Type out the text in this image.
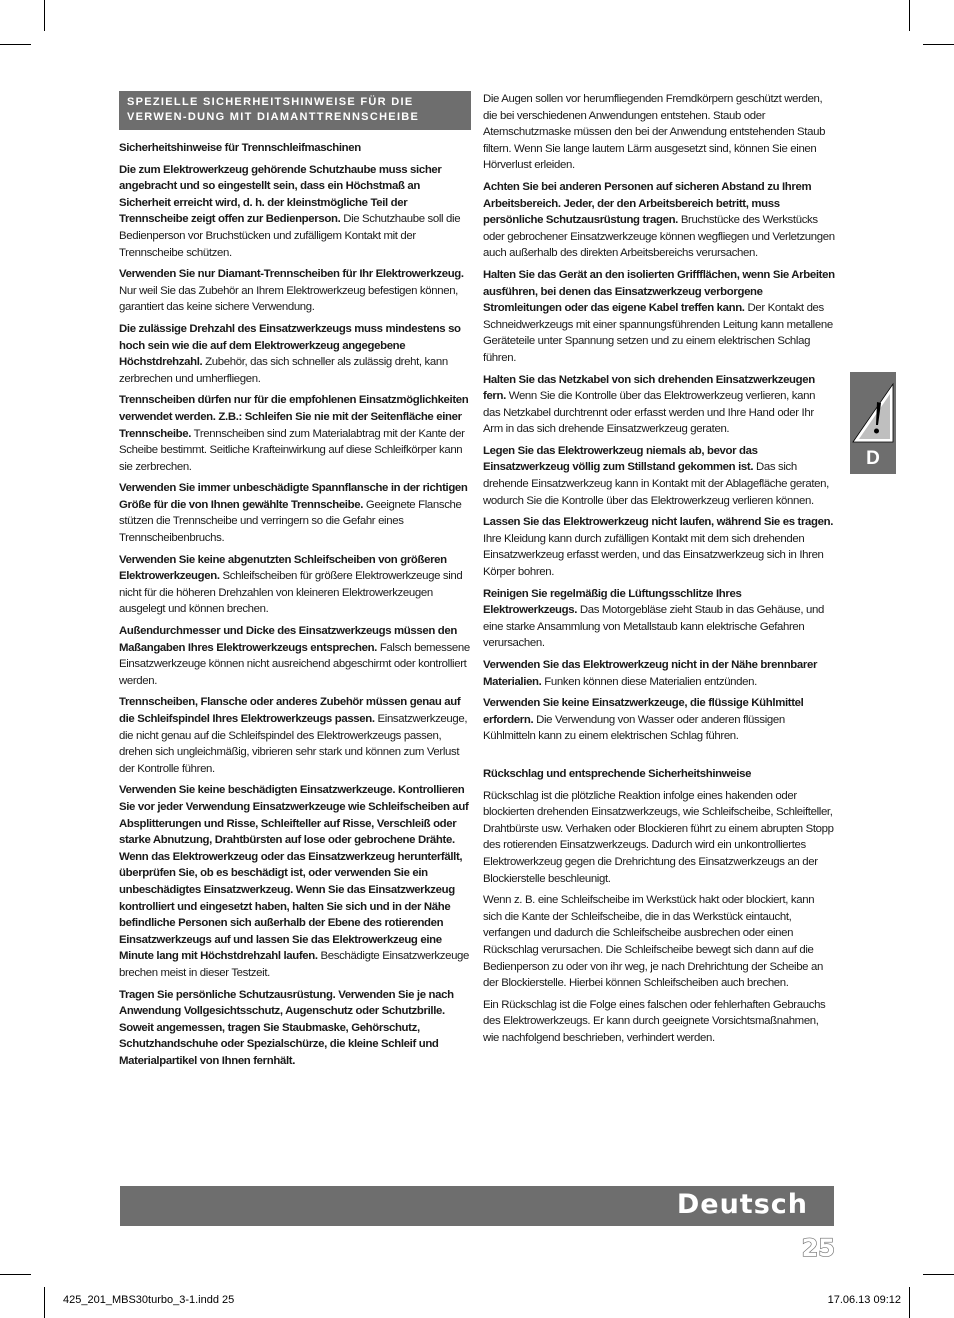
SPEZIELLE SICHERHEITSHINWEISE FÜR DIE VERWEN-DUNG MIT DIAMANTTRENNSCHEIBE

Sicherheitshinweise für Trennschleifmaschinen

Die zum Elektrowerkzeug gehörende Schutzhaube muss sicher angebracht und so eingestellt sein, dass ein Höchstmaß an Sicherheit erreicht wird, d. h. der kleinstmögliche Teil der Trennscheibe zeigt offen zur Bedienperson. Die Schutzhaube soll die Bedienperson vor Bruchstücken und zufälligem Kontakt mit der Trennscheibe schützen.

Verwenden Sie nur Diamant-Trennscheiben für Ihr Elektrowerkzeug. Nur weil Sie das Zubehör an Ihrem Elektrowerkzeug befestigen können, garantiert das keine sichere Verwendung.

Die zulässige Drehzahl des Einsatzwerkzeugs muss mindestens so hoch sein wie die auf dem Elektrowerkzeug angegebene Höchstdrehzahl. Zubehör, das sich schneller als zulässig dreht, kann zerbrechen und umherfliegen.

Trennscheiben dürfen nur für die empfohlenen Einsatzmöglichkeiten verwendet werden. Z.B.: Schleifen Sie nie mit der Seitenfläche einer Trennscheibe. Trennscheiben sind zum Materialabtrag mit der Kante der Scheibe bestimmt. Seitliche Krafteinwirkung auf diese Schleifkörper kann sie zerbrechen.

Verwenden Sie immer unbeschädigte Spannflansche in der richtigen Größe für die von Ihnen gewählte Trennscheibe. Geeignete Flansche stützen die Trennscheibe und verringern so die Gefahr eines Trennscheibenbruchs.

Verwenden Sie keine abgenutzten Schleifscheiben von größeren Elektrowerkzeugen. Schleifscheiben für größere Elektrowerkzeuge sind nicht für die höheren Drehzahlen von kleineren Elektrowerkzeugen ausgelegt und können brechen.

Außendurchmesser und Dicke des Einsatzwerkzeugs müssen den Maßangaben Ihres Elektrowerkzeugs entsprechen. Falsch bemessene Einsatzwerkzeuge können nicht ausreichend abgeschirmt oder kontrolliert werden.

Trennscheiben, Flansche oder anderes Zubehör müssen genau auf die Schleifspindel Ihres Elektrowerkzeugs passen. Einsatzwerkzeuge, die nicht genau auf die Schleifspindel des Elektrowerkzeugs passen, drehen sich ungleichmäßig, vibrieren sehr stark und können zum Verlust der Kontrolle führen.

Verwenden Sie keine beschädigten Einsatzwerkzeuge. Kontrollieren Sie vor jeder Verwendung Einsatzwerkzeuge wie Schleifscheiben auf Absplitterungen und Risse, Schleifteller auf Risse, Verschleiß oder starke Abnutzung, Drahtbürsten auf lose oder gebrochene Drähte. Wenn das Elektrowerkzeug oder das Einsatzwerkzeug herunterfällt, überprüfen Sie, ob es beschädigt ist, oder verwenden Sie ein unbeschädigtes Einsatzwerkzeug. Wenn Sie das Einsatzwerkzeug kontrolliert und eingesetzt haben, halten Sie sich und in der Nähe befindliche Personen sich außerhalb der Ebene des rotierenden Einsatzwerkzeugs auf und lassen Sie das Elektrowerkzeug eine Minute lang mit Höchstdrehzahl laufen. Beschädigte Einsatzwerkzeuge brechen meist in dieser Testzeit.

Tragen Sie persönliche Schutzausrüstung. Verwenden Sie je nach Anwendung Vollgesichtsschutz, Augenschutz oder Schutzbrille. Soweit angemessen, tragen Sie Staubmaske, Gehörschutz, Schutzhandschuhe oder Spezialschürze, die kleine Schleif und Materialpartikel von Ihnen fernhält.

Die Augen sollen vor herumfliegenden Fremdkörpern geschützt werden, die bei verschiedenen Anwendungen entstehen. Staub oder Atemschutzmaske müssen den bei der Anwendung entstehenden Staub filtern. Wenn Sie lange lautem Lärm ausgesetzt sind, können Sie einen Hörverlust erleiden.

Achten Sie bei anderen Personen auf sicheren Abstand zu Ihrem Arbeitsbereich. Jeder, der den Arbeitsbereich betritt, muss persönliche Schutzausrüstung tragen. Bruchstücke des Werkstücks oder gebrochener Einsatzwerkzeuge können wegfliegen und Verletzungen auch außerhalb des direkten Arbeitsbereichs verursachen.

Halten Sie das Gerät an den isolierten Griffflächen, wenn Sie Arbeiten ausführen, bei denen das Einsatzwerkzeug verborgene Stromleitungen oder das eigene Kabel treffen kann. Der Kontakt des Schneidwerkzeugs mit einer spannungsführenden Leitung kann metallene Geräteteile unter Spannung setzen und zu einem elektrischen Schlag führen.

Halten Sie das Netzkabel von sich drehenden Einsatzwerkzeugen fern. Wenn Sie die Kontrolle über das Elektrowerkzeug verlieren, kann das Netzkabel durchtrennt oder erfasst werden und Ihre Hand oder Ihr Arm in das sich drehende Einsatzwerkzeug geraten.

Legen Sie das Elektrowerkzeug niemals ab, bevor das Einsatzwerkzeug völlig zum Stillstand gekommen ist. Das sich drehende Einsatzwerkzeug kann in Kontakt mit der Ablagefläche geraten, wodurch Sie die Kontrolle über das Elektrowerkzeug verlieren können.

Lassen Sie das Elektrowerkzeug nicht laufen, während Sie es tragen. Ihre Kleidung kann durch zufälligen Kontakt mit dem sich drehenden Einsatzwerkzeug erfasst werden, und das Einsatzwerkzeug sich in Ihren Körper bohren.

Reinigen Sie regelmäßig die Lüftungsschlitze Ihres Elektrowerkzeugs. Das Motorgebläse zieht Staub in das Gehäuse, und eine starke Ansammlung von Metallstaub kann elektrische Gefahren verursachen.

Verwenden Sie das Elektrowerkzeug nicht in der Nähe brennbarer Materialien. Funken können diese Materialien entzünden.

Verwenden Sie keine Einsatzwerkzeuge, die flüssige Kühlmittel erfordern. Die Verwendung von Wasser oder anderen flüssigen Kühlmitteln kann zu einem elektrischen Schlag führen.

Rückschlag und entsprechende Sicherheitshinweise

Rückschlag ist die plötzliche Reaktion infolge eines hakenden oder blockierten drehenden Einsatzwerkzeugs, wie Schleifscheibe, Schleifteller, Drahtbürste usw. Verhaken oder Blockieren führt zu einem abrupten Stopp des rotierenden Einsatzwerkzeugs. Dadurch wird ein unkontrolliertes Elektrowerkzeug gegen die Drehrichtung des Einsatzwerkzeugs an der Blockierstelle beschleunigt.

Wenn z. B. eine Schleifscheibe im Werkstück hakt oder blockiert, kann sich die Kante der Schleifscheibe, die in das Werkstück eintaucht, verfangen und dadurch die Schleifscheibe ausbrechen oder einen Rückschlag verursachen. Die Schleifscheibe bewegt sich dann auf die Bedienperson zu oder von ihr weg, je nach Drehrichtung der Scheibe an der Blockierstelle. Hierbei können Schleifscheiben auch brechen.

Ein Rückschlag ist die Folge eines falschen oder fehlerhaften Gebrauchs des Elektrowerkzeugs. Er kann durch geeignete Vorsichtsmaßnahmen, wie nachfolgend beschrieben, verhindert werden.

D
Deutsch
25
425_201_MBS30turbo_3-1.indd 25	17.06.13 09:12
